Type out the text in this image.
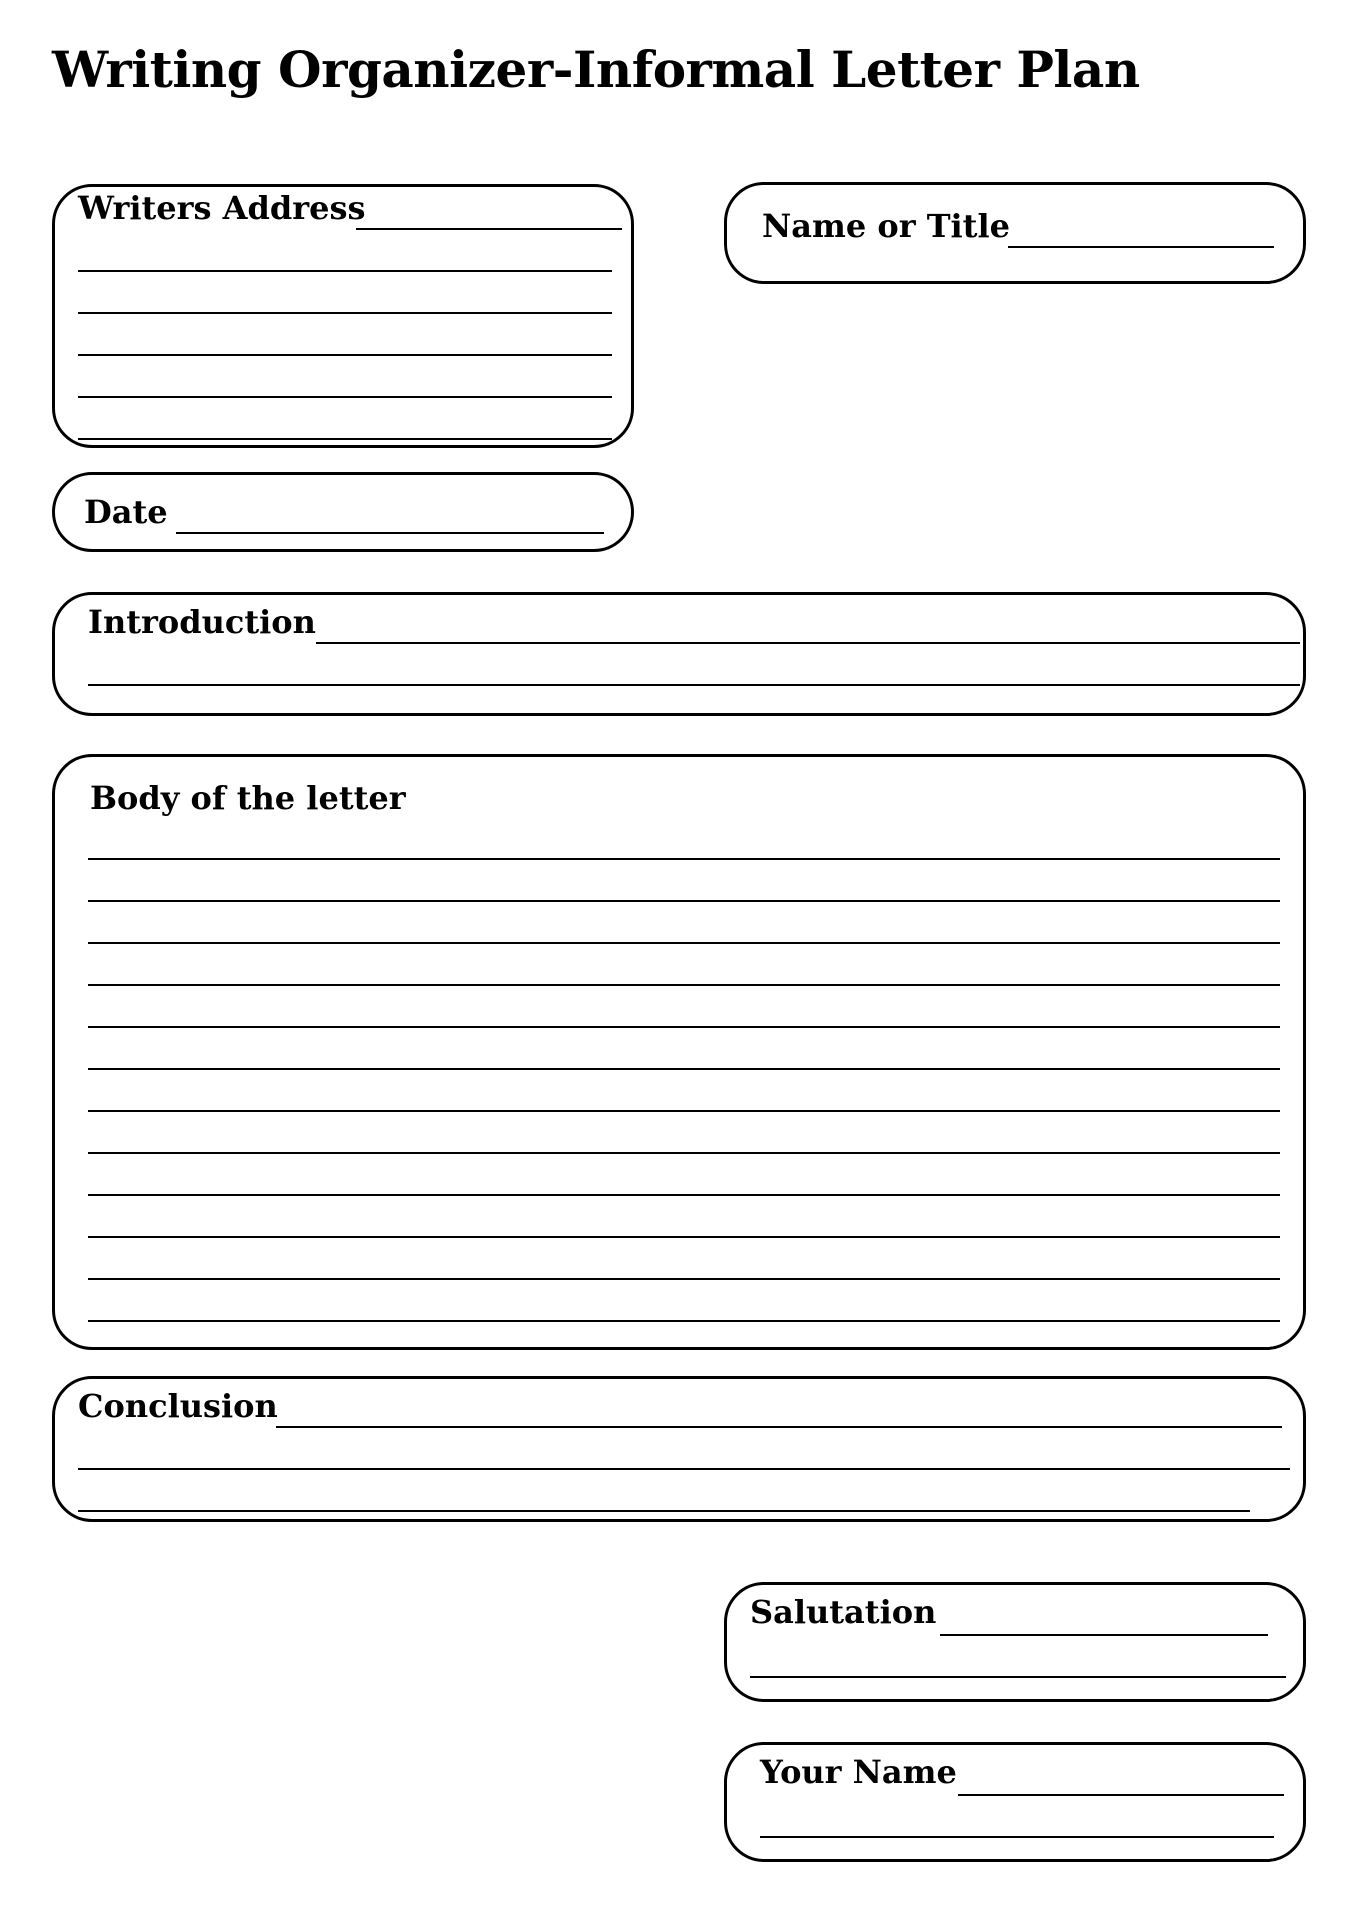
Writing Organizer-Informal Letter Plan
Writers Address	Name or Title
Date
Introduction
Body of the letter
Conclusion
Salutation
Your Name
